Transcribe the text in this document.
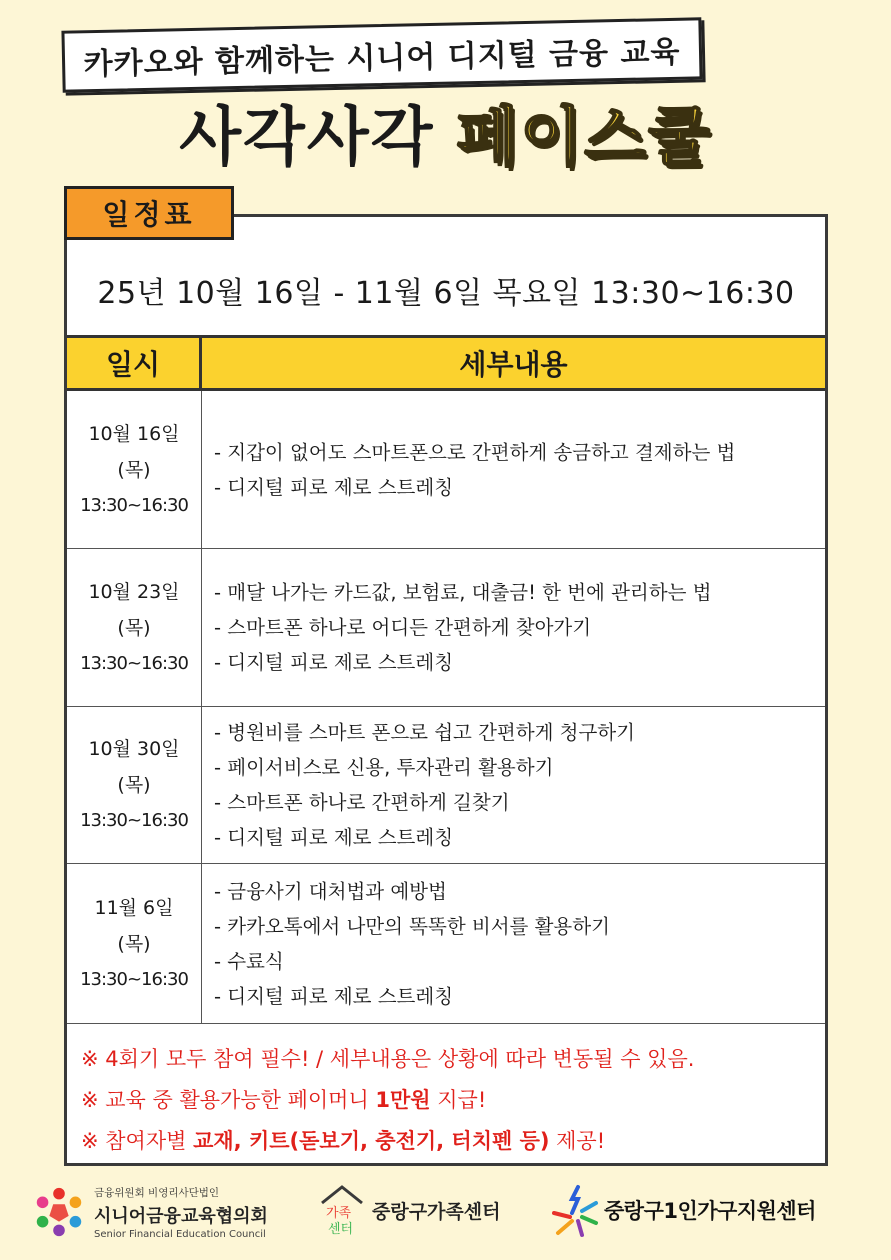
카카오와 함께하는 시니어 디지털 금융 교육
사각사각 페이스쿨
일정표
25년 10월 16일 - 11월 6일 목요일 13:30~16:30
일시	세부내용
10월 16일
(목)
13:30~16:30
- 지갑이 없어도 스마트폰으로 간편하게 송금하고 결제하는 법
- 디지털 피로 제로 스트레칭
10월 23일
(목)
13:30~16:30
- 매달 나가는 카드값, 보험료, 대출금! 한 번에 관리하는 법
- 스마트폰 하나로 어디든 간편하게 찾아가기
- 디지털 피로 제로 스트레칭
10월 30일
(목)
13:30~16:30
- 병원비를 스마트 폰으로 쉽고 간편하게 청구하기
- 페이서비스로 신용, 투자관리 활용하기
- 스마트폰 하나로 간편하게 길찾기
- 디지털 피로 제로 스트레칭
11월 6일
(목)
13:30~16:30
- 금융사기 대처법과 예방법
- 카카오톡에서 나만의 똑똑한 비서를 활용하기
- 수료식
- 디지털 피로 제로 스트레칭
※ 4회기 모두 참여 필수! / 세부내용은 상황에 따라 변동될 수 있음.
※ 교육 중 활용가능한 페이머니 1만원 지급!
※ 참여자별 교재, 키트(돋보기, 충전기, 터치펜 등) 제공!
금융위원회 비영리사단법인
시니어금융교육협의회
Senior Financial Education Council
가족
센터
중랑구가족센터	중랑구1인가구지원센터
